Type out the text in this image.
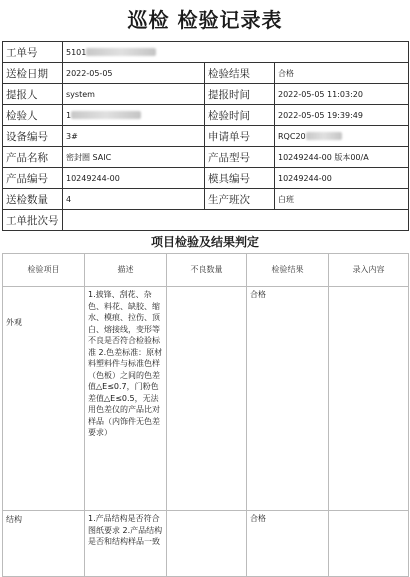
巡检 检验记录表
工单号	5101		
送检日期	2022-05-05	检验结果	合格
提报人	system	提报时间	2022-05-05 11:03:20
检验人	1	检验时间	2022-05-05 19:39:49
设备编号	3#	申请单号	RQC20
产品名称	密封圈 SAIC	产品型号	10249244-00 版本00/A
产品编号	10249244-00	模具编号	10249244-00
送检数量	4	生产班次	白班
工单批次号			
项目检验及结果判定
检验项目	描述	不良数量	检验结果	录入内容
外观	1.披锋、刮花、杂色、料花、缺胶、缩水、模痕、拉伤、顶白、熔接线，变形等不良是否符合检验标准 2.色差标准：原材料塑料件与标准色样（色板）之间的色差值△E≤0.7，门粉色差值△E≤0.5，无法用色差仪的产品比对样品（内饰件无色差要求）		合格	
结构	1.产品结构是否符合图纸要求 2.产品结构是否和结构样品一致		合格	
